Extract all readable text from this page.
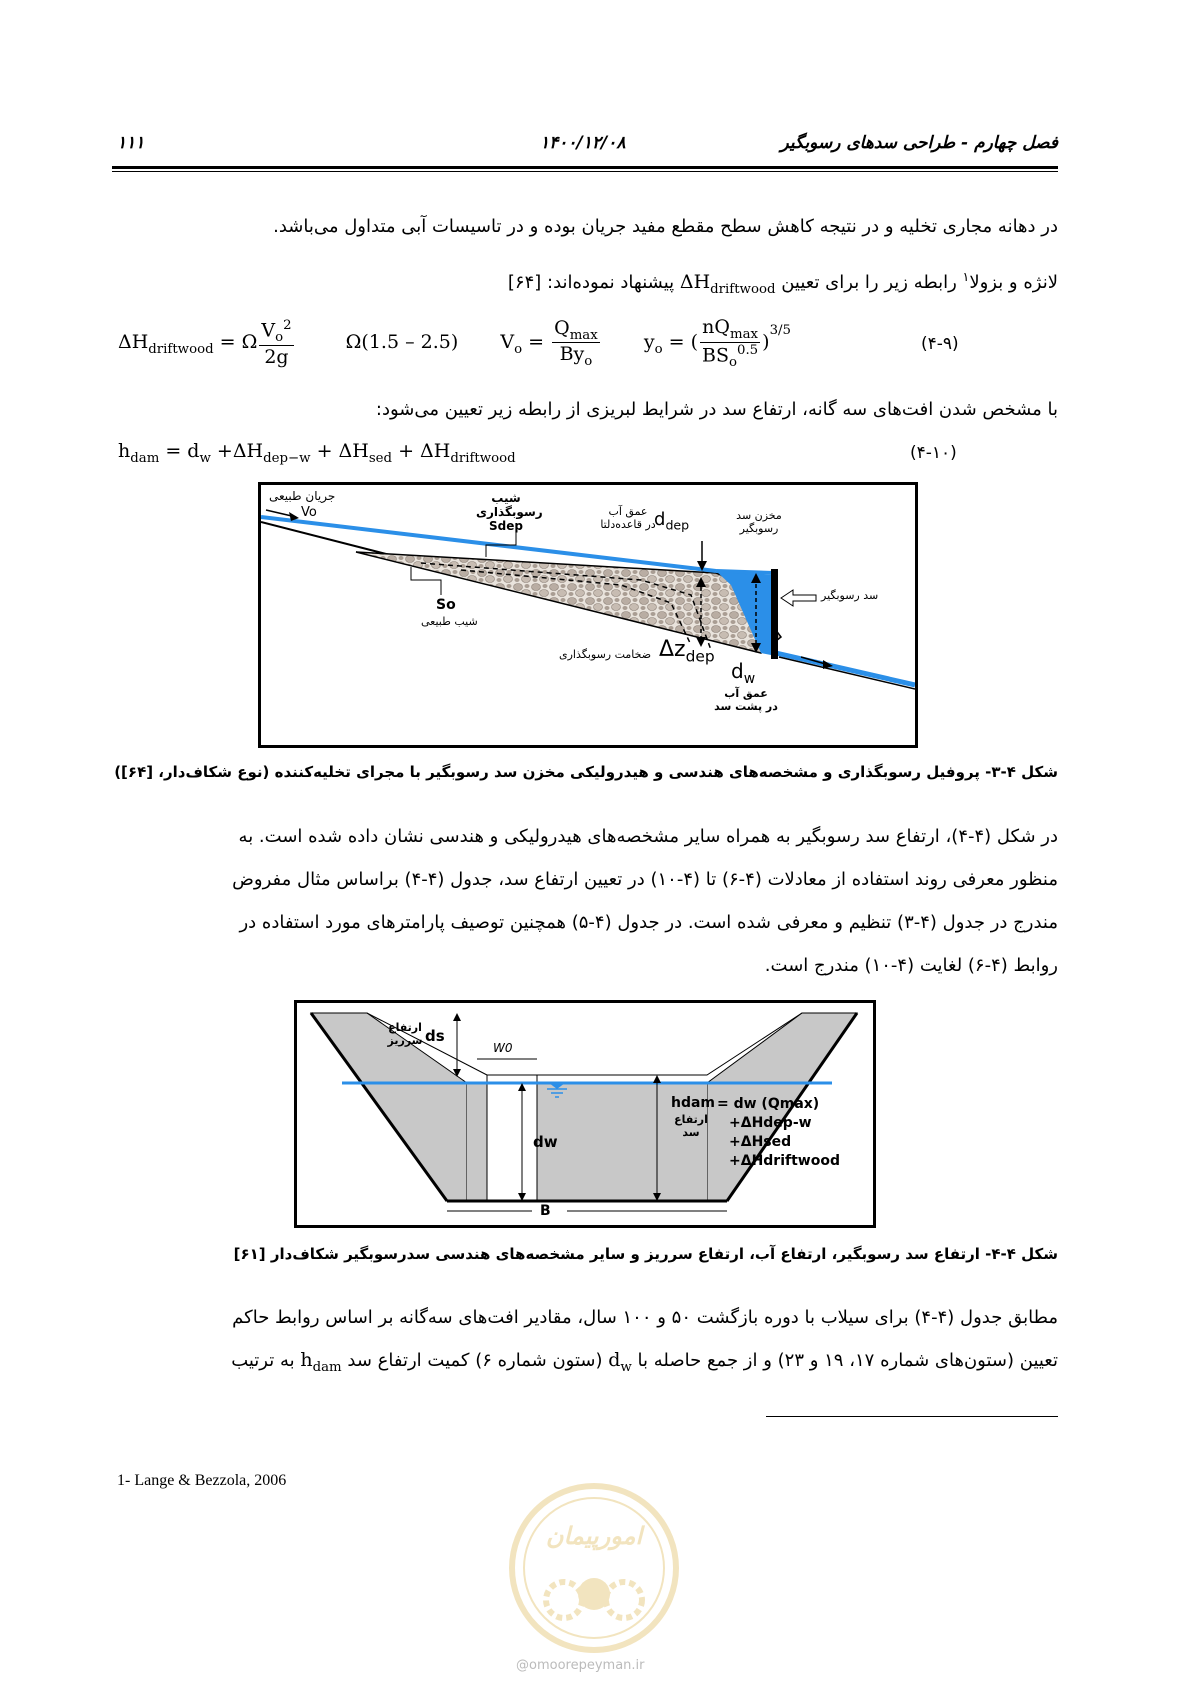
فصل چهارم - طراحی سدهای رسوبگیر
۱۴۰۰/۱۲/۰۸
۱۱۱
در دهانه مجاری تخلیه و در نتیجه کاهش سطح مقطع مفید جریان بوده و در تاسیسات آبی متداول می‌باشد.
لانژه و بزولا$^۱$ رابطه زیر را برای تعیین $\Delta H_{driftwood}$ پیشنهاد نموده‌اند: [۶۴]
$\Delta H_{driftwood} = \Omega \frac{V_o^2}{2g}$	Ω(1.5 – 2.5) $V_o = \frac{Q_{max}}{By_o} y_o$ = ( $\frac{nQ_{max}}{BS_o^{0.5}} )^{3/5}$
(۴-۹)
با مشخص شدن افت‌های سه گانه، ارتفاع سد در شرایط لبریزی از رابطه زیر تعیین می‌شود:
$h_{dam} = d_w +\Delta H_{dep-w} + \Delta H_{sed} + \Delta H_{driftwood}$	(۴-۱۰)
جریان طبیعی
Vo
شیب
رسوبگذاری
Sdep
عمق آب
در قاعده‌دلتا
$d_{dep}$
مخزن سد
رسوبگیر
سد رسوبگیر
So
شیب طبیعی
ضخامت رسوبگذاری $\Delta z_{dep}$
$d_w$
عمق آب
در پشت سد
شکل ۴-۳- پروفیل رسوبگذاری و مشخصه‌های هندسی و هیدرولیکی مخزن سد رسوبگیر با مجرای تخلیه‌کننده (نوع شکاف‌دار، [۶۴])
در شکل (۴-۴)، ارتفاع سد رسوبگیر به همراه سایر مشخصه‌های هیدرولیکی و هندسی نشان داده شده است. به
منظور معرفی روند استفاده از معادلات (۴-۶) تا (۴-۱۰) در تعیین ارتفاع سد، جدول (۴-۴) براساس مثال مفروض
مندرج در جدول (۴-۳) تنظیم و معرفی شده است. در جدول (۴-۵) همچنین توصیف پارامترهای مورد استفاده در
روابط (۴-۶) لغایت (۴-۱۰) مندرج است.
ارتفاع
سرریز ds
W0
dw
B
hdam
ارتفاع
سد
= dw (Qmax)
+ΔHdep-w
+ΔHsed
+ΔHdriftwood
شکل ۴-۴- ارتفاع سد رسوبگیر، ارتفاع آب، ارتفاع سرریز و سایر مشخصه‌های هندسی سدرسوبگیر شکاف‌دار [۶۱]
مطابق جدول (۴-۴) برای سیلاب با دوره بازگشت ۵۰ و ۱۰۰ سال، مقادیر افت‌های سه‌گانه بر اساس روابط حاکم
تعیین (ستون‌های شماره ۱۷، ۱۹ و ۲۳) و از جمع حاصله با $d_w$ (ستون شماره ۶) کمیت ارتفاع سد $h_{dam}$ به ترتیب
1- Lange & Bezzola, 2006
امورپیمان
@omoorepeyman.ir
